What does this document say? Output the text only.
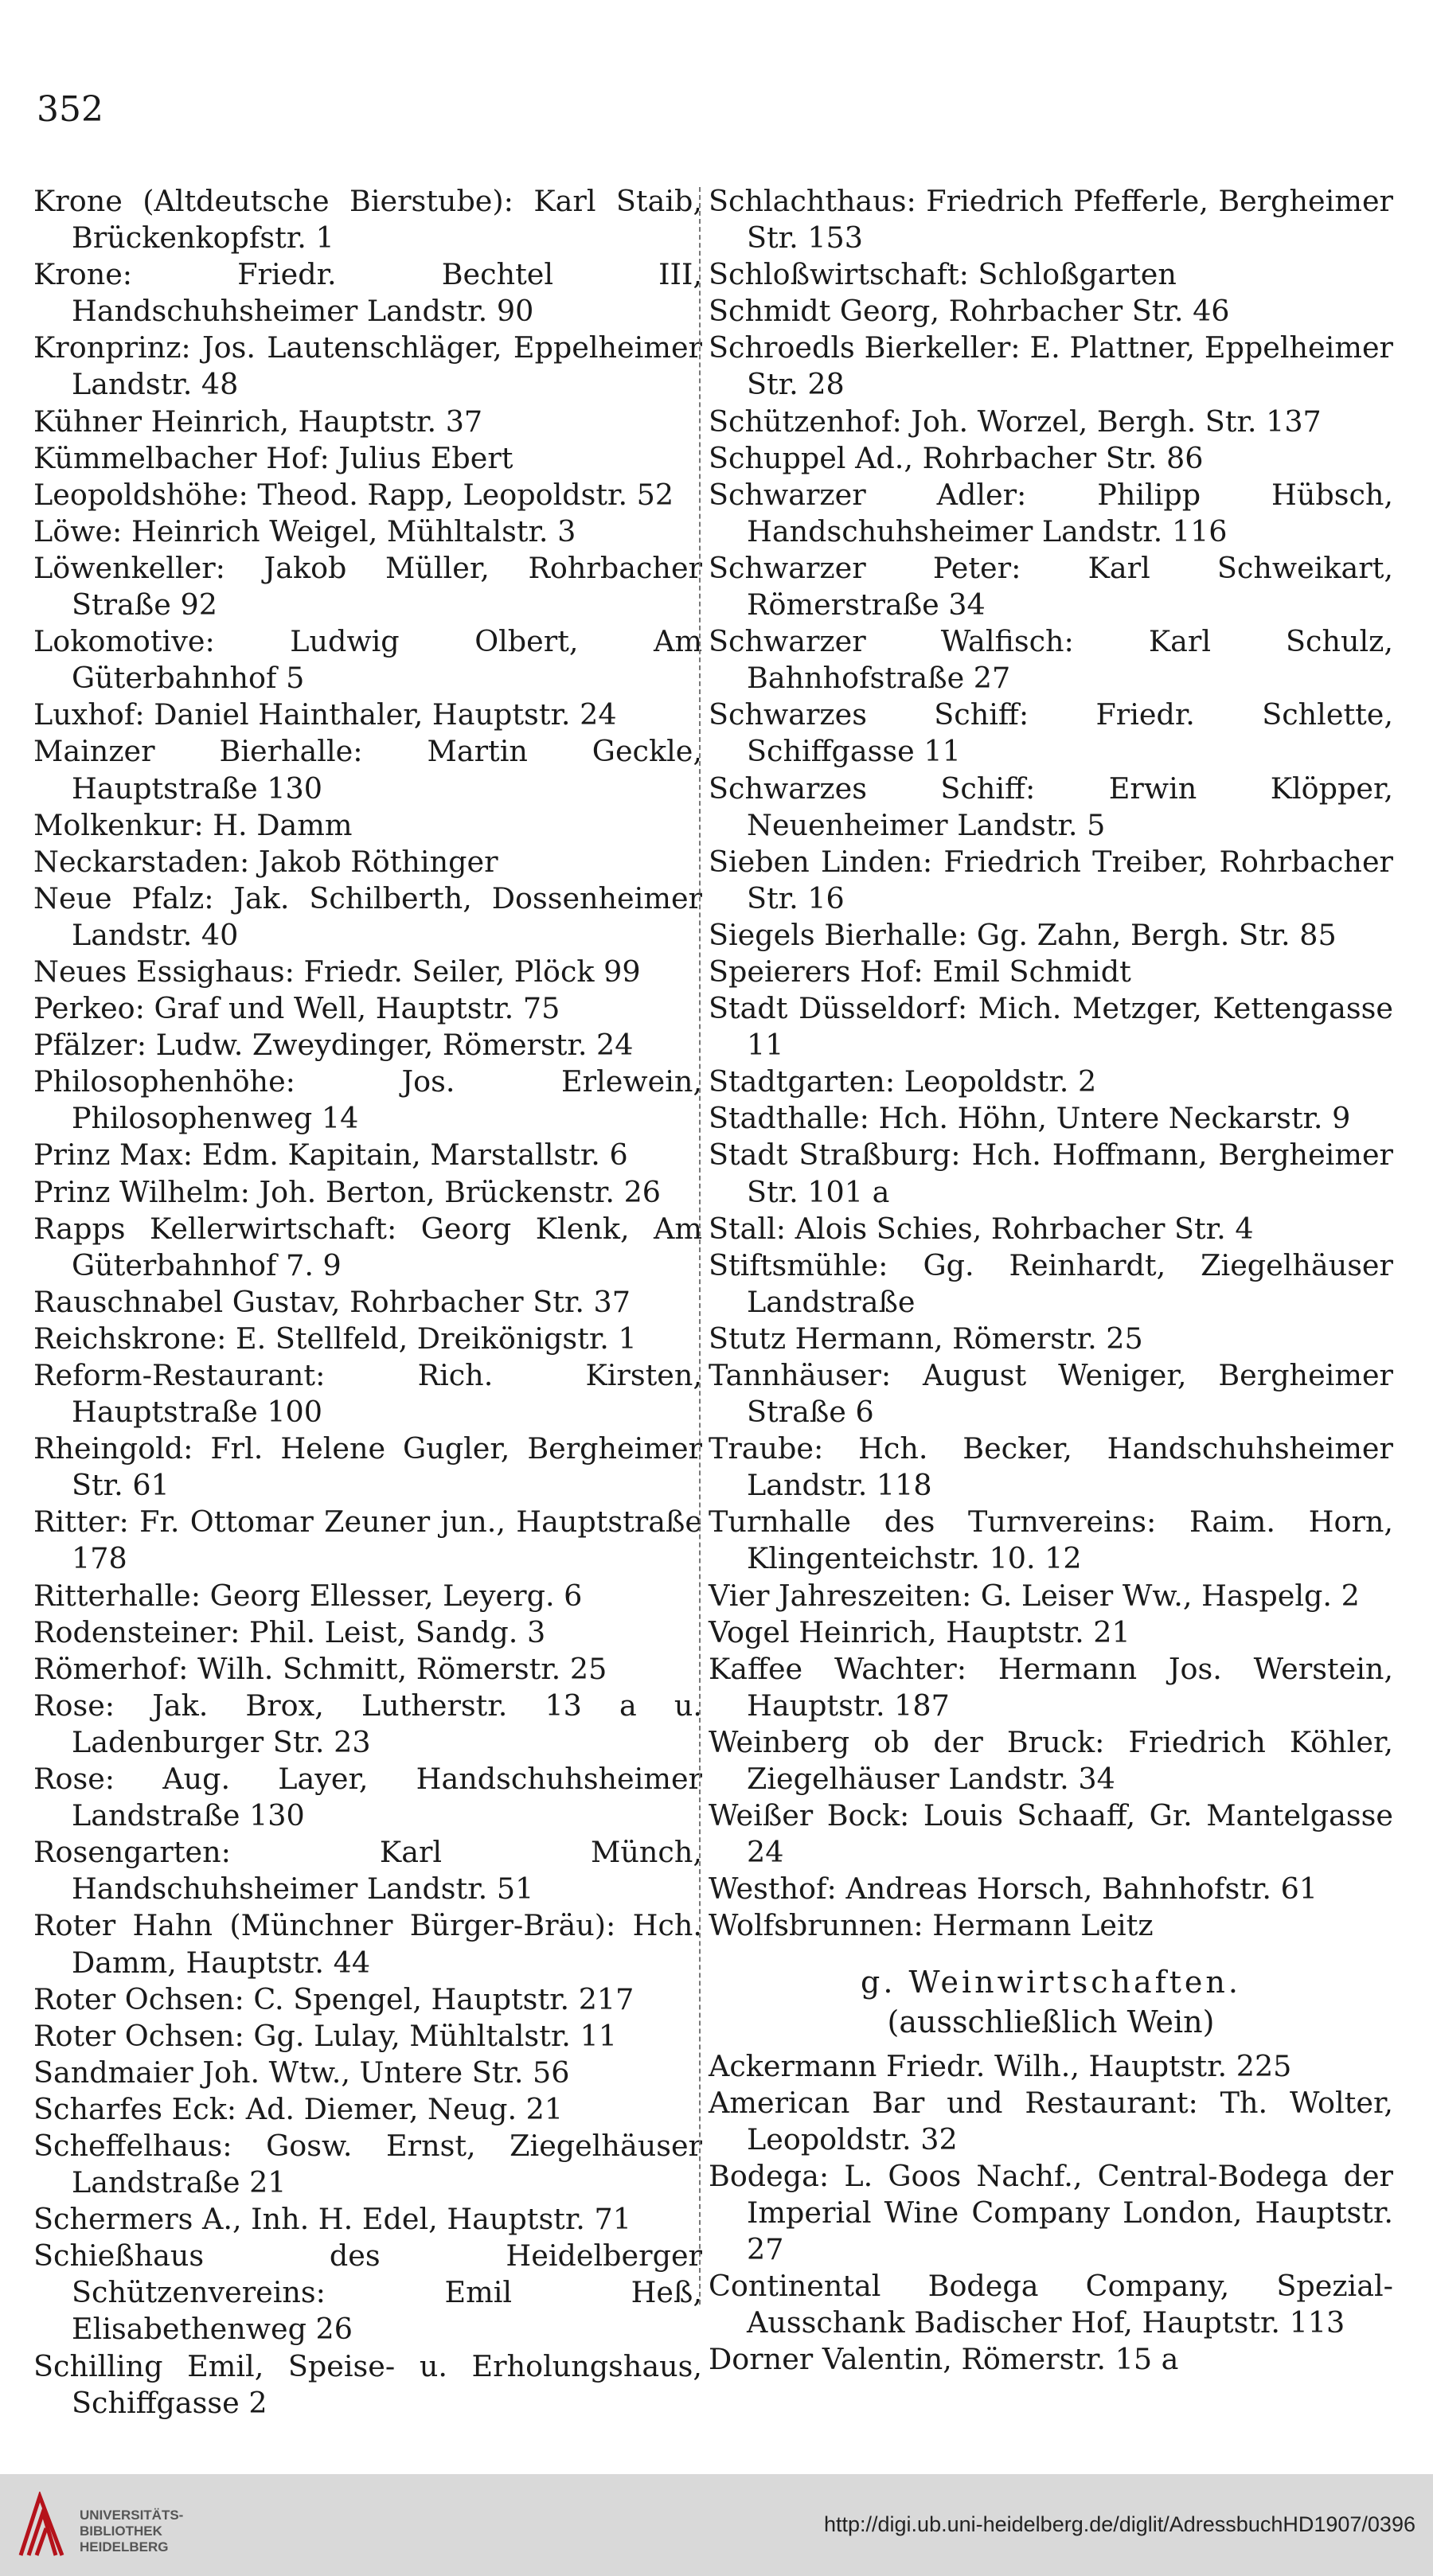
352

Krone (Altdeutsche Bierstube): Karl Staib, Brückenkopfstr. 1

Krone: Friedr. Bechtel III, Handschuhsheimer Landstr. 90

Kronprinz: Jos. Lautenschläger, Eppelheimer Landstr. 48

Kühner Heinrich, Hauptstr. 37

Kümmelbacher Hof: Julius Ebert

Leopoldshöhe: Theod. Rapp, Leopoldstr. 52

Löwe: Heinrich Weigel, Mühltalstr. 3

Löwenkeller: Jakob Müller, Rohrbacher Straße 92

Lokomotive: Ludwig Olbert, Am Güterbahnhof 5

Luxhof: Daniel Hainthaler, Hauptstr. 24

Mainzer Bierhalle: Martin Geckle, Hauptstraße 130

Molkenkur: H. Damm

Neckarstaden: Jakob Röthinger

Neue Pfalz: Jak. Schilberth, Dossenheimer Landstr. 40

Neues Essighaus: Friedr. Seiler, Plöck 99

Perkeo: Graf und Well, Hauptstr. 75

Pfälzer: Ludw. Zweydinger, Römerstr. 24

Philosophenhöhe: Jos. Erlewein, Philosophenweg 14

Prinz Max: Edm. Kapitain, Marstallstr. 6

Prinz Wilhelm: Joh. Berton, Brückenstr. 26

Rapps Kellerwirtschaft: Georg Klenk, Am Güterbahnhof 7. 9

Rauschnabel Gustav, Rohrbacher Str. 37

Reichskrone: E. Stellfeld, Dreikönigstr. 1

Reform-Restaurant: Rich. Kirsten, Hauptstraße 100

Rheingold: Frl. Helene Gugler, Bergheimer Str. 61

Ritter: Fr. Ottomar Zeuner jun., Hauptstraße 178

Ritterhalle: Georg Ellesser, Leyerg. 6

Rodensteiner: Phil. Leist, Sandg. 3

Römerhof: Wilh. Schmitt, Römerstr. 25

Rose: Jak. Brox, Lutherstr. 13 a u. Ladenburger Str. 23

Rose: Aug. Layer, Handschuhsheimer Landstraße 130

Rosengarten: Karl Münch, Handschuhsheimer Landstr. 51

Roter Hahn (Münchner Bürger-Bräu): Hch. Damm, Hauptstr. 44

Roter Ochsen: C. Spengel, Hauptstr. 217

Roter Ochsen: Gg. Lulay, Mühltalstr. 11

Sandmaier Joh. Wtw., Untere Str. 56

Scharfes Eck: Ad. Diemer, Neug. 21

Scheffelhaus: Gosw. Ernst, Ziegelhäuser Landstraße 21

Schermers A., Inh. H. Edel, Hauptstr. 71

Schießhaus des Heidelberger Schützenvereins: Emil Heß, Elisabethenweg 26

Schilling Emil, Speise- u. Erholungshaus, Schiffgasse 2

Schlachthaus: Friedrich Pfefferle, Bergheimer Str. 153

Schloßwirtschaft: Schloßgarten

Schmidt Georg, Rohrbacher Str. 46

Schroedls Bierkeller: E. Plattner, Eppelheimer Str. 28

Schützenhof: Joh. Worzel, Bergh. Str. 137

Schuppel Ad., Rohrbacher Str. 86

Schwarzer Adler: Philipp Hübsch, Handschuhsheimer Landstr. 116

Schwarzer Peter: Karl Schweikart, Römerstraße 34

Schwarzer Walfisch: Karl Schulz, Bahnhofstraße 27

Schwarzes Schiff: Friedr. Schlette, Schiffgasse 11

Schwarzes Schiff: Erwin Klöpper, Neuenheimer Landstr. 5

Sieben Linden: Friedrich Treiber, Rohrbacher Str. 16

Siegels Bierhalle: Gg. Zahn, Bergh. Str. 85

Speierers Hof: Emil Schmidt

Stadt Düsseldorf: Mich. Metzger, Kettengasse 11

Stadtgarten: Leopoldstr. 2

Stadthalle: Hch. Höhn, Untere Neckarstr. 9

Stadt Straßburg: Hch. Hoffmann, Bergheimer Str. 101 a

Stall: Alois Schies, Rohrbacher Str. 4

Stiftsmühle: Gg. Reinhardt, Ziegelhäuser Landstraße

Stutz Hermann, Römerstr. 25

Tannhäuser: August Weniger, Bergheimer Straße 6

Traube: Hch. Becker, Handschuhsheimer Landstr. 118

Turnhalle des Turnvereins: Raim. Horn, Klingenteichstr. 10. 12

Vier Jahreszeiten: G. Leiser Ww., Haspelg. 2

Vogel Heinrich, Hauptstr. 21

Kaffee Wachter: Hermann Jos. Werstein, Hauptstr. 187

Weinberg ob der Bruck: Friedrich Köhler, Ziegelhäuser Landstr. 34

Weißer Bock: Louis Schaaff, Gr. Mantelgasse 24

Westhof: Andreas Horsch, Bahnhofstr. 61

Wolfsbrunnen: Hermann Leitz

g. Weinwirtschaften.
(ausschließlich Wein)

Ackermann Friedr. Wilh., Hauptstr. 225

American Bar und Restaurant: Th. Wolter, Leopoldstr. 32

Bodega: L. Goos Nachf., Central-Bodega der Imperial Wine Company London, Hauptstr. 27

Continental Bodega Company, Spezial-Ausschank Badischer Hof, Hauptstr. 113

Dorner Valentin, Römerstr. 15 a

UNIVERSITÄTS-
BIBLIOTHEK
HEIDELBERG
http://digi.ub.uni-heidelberg.de/diglit/AdressbuchHD1907/0396
